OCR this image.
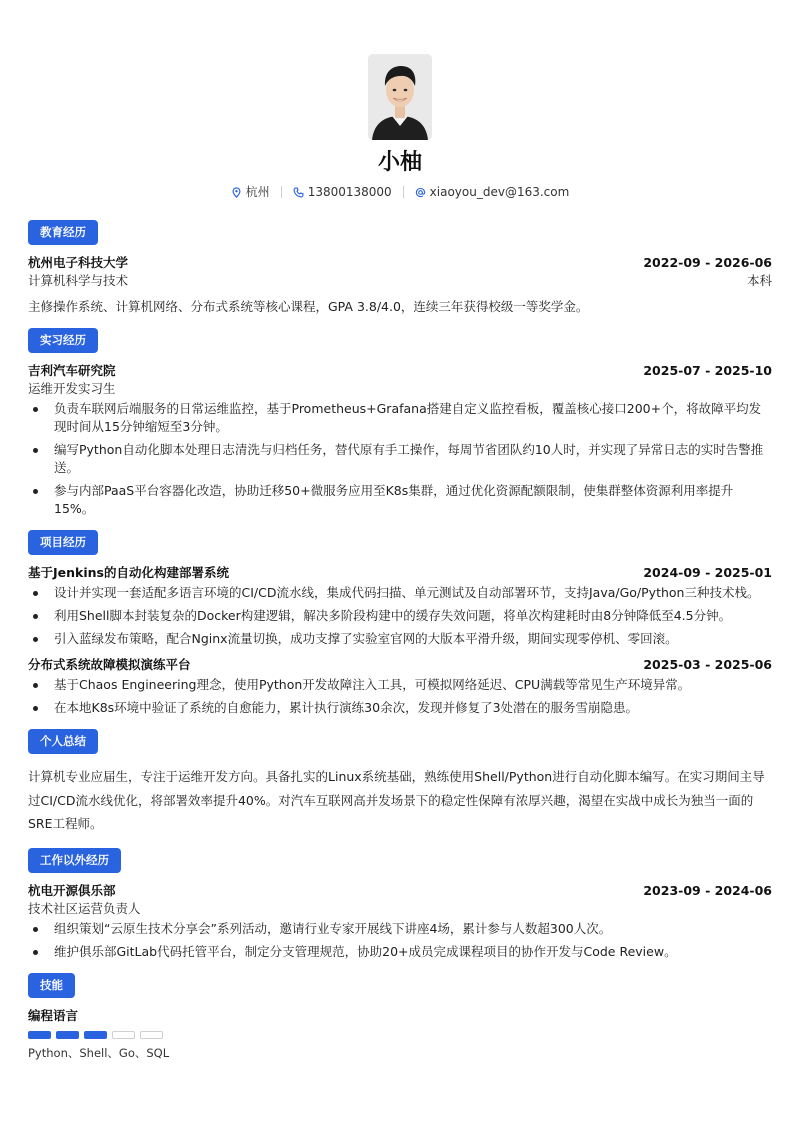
小柚
杭州	13800138000	xiaoyou_dev@163.com
教育经历
杭州电子科技大学	2022-09 - 2026-06
计算机科学与技术	本科
主修操作系统、计算机网络、分布式系统等核心课程，GPA 3.8/4.0，连续三年获得校级一等奖学金。
实习经历
吉利汽车研究院	2025-07 - 2025-10
运维开发实习生
负责车联网后端服务的日常运维监控，基于Prometheus+Grafana搭建自定义监控看板，覆盖核心接口200+个，将故障平均发现时间从15分钟缩短至3分钟。
编写Python自动化脚本处理日志清洗与归档任务，替代原有手工操作，每周节省团队约10人时，并实现了异常日志的实时告警推送。
参与内部PaaS平台容器化改造，协助迁移50+微服务应用至K8s集群，通过优化资源配额限制，使集群整体资源利用率提升15%。
项目经历
基于Jenkins的自动化构建部署系统	2024-09 - 2025-01
设计并实现一套适配多语言环境的CI/CD流水线，集成代码扫描、单元测试及自动部署环节，支持Java/Go/Python三种技术栈。
利用Shell脚本封装复杂的Docker构建逻辑，解决多阶段构建中的缓存失效问题，将单次构建耗时由8分钟降低至4.5分钟。
引入蓝绿发布策略，配合Nginx流量切换，成功支撑了实验室官网的大版本平滑升级，期间实现零停机、零回滚。
分布式系统故障模拟演练平台	2025-03 - 2025-06
基于Chaos Engineering理念，使用Python开发故障注入工具，可模拟网络延迟、CPU满载等常见生产环境异常。
在本地K8s环境中验证了系统的自愈能力，累计执行演练30余次，发现并修复了3处潜在的服务雪崩隐患。
个人总结
计算机专业应届生，专注于运维开发方向。具备扎实的Linux系统基础，熟练使用Shell/Python进行自动化脚本编写。在实习期间主导过CI/CD流水线优化，将部署效率提升40%。对汽车互联网高并发场景下的稳定性保障有浓厚兴趣，渴望在实战中成长为独当一面的SRE工程师。
工作以外经历
杭电开源俱乐部	2023-09 - 2024-06
技术社区运营负责人
组织策划“云原生技术分享会”系列活动，邀请行业专家开展线下讲座4场，累计参与人数超300人次。
维护俱乐部GitLab代码托管平台，制定分支管理规范，协助20+成员完成课程项目的协作开发与Code Review。
技能
编程语言
Python、Shell、Go、SQL
